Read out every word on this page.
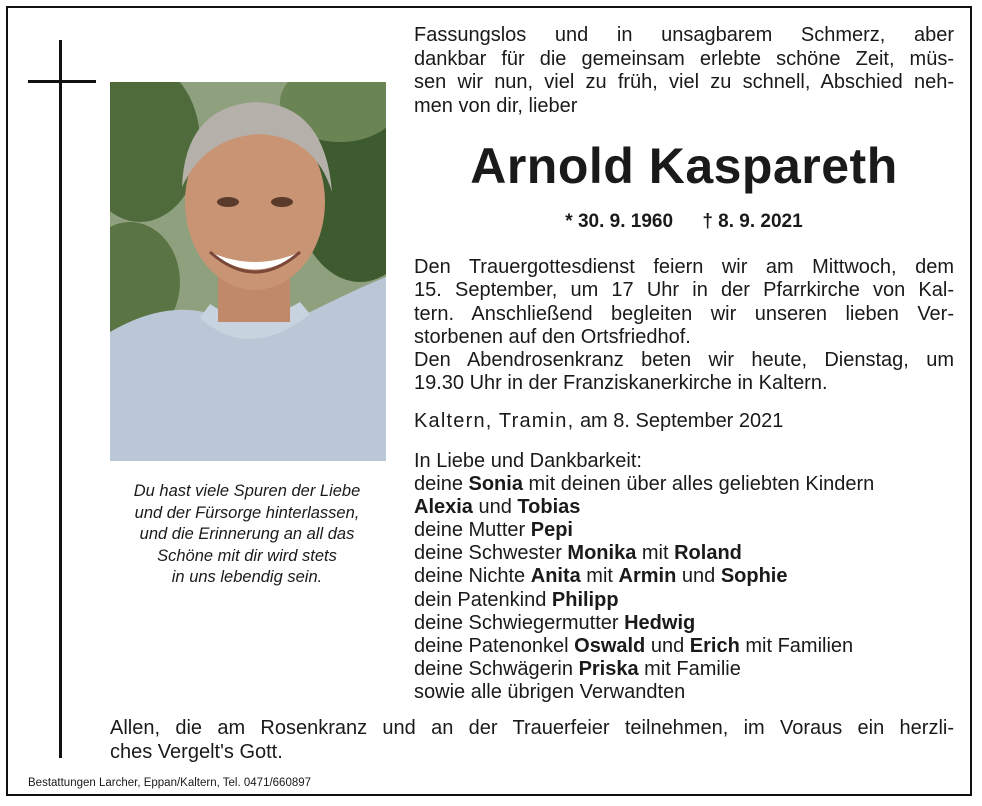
Du hast viele Spuren der Liebe
und der Fürsorge hinterlassen,
und die Erinnerung an all das
Schöne mit dir wird stets
in uns lebendig sein.
Fassungslos und in unsagbarem Schmerz, aber
dankbar für die gemeinsam erlebte schöne Zeit, müs-
sen wir nun, viel zu früh, viel zu schnell, Abschied neh-
men von dir, lieber
Arnold Kaspareth
* 30. 9. 1960 † 8. 9. 2021
Den Trauergottesdienst feiern wir am Mittwoch, dem
15. September, um 17 Uhr in der Pfarrkirche von Kal-
tern. Anschließend begleiten wir unseren lieben Ver-
storbenen auf den Ortsfriedhof.
Den Abendrosenkranz beten wir heute, Dienstag, um
19.30 Uhr in der Franziskanerkirche in Kaltern.
Kaltern, Tramin, am 8. September 2021
In Liebe und Dankbarkeit:
deine Sonia mit deinen über alles geliebten Kindern
Alexia und Tobias
deine Mutter Pepi
deine Schwester Monika mit Roland
deine Nichte Anita mit Armin und Sophie
dein Patenkind Philipp
deine Schwiegermutter Hedwig
deine Patenonkel Oswald und Erich mit Familien
deine Schwägerin Priska mit Familie
sowie alle übrigen Verwandten
Allen, die am Rosenkranz und an der Trauerfeier teilnehmen, im Voraus ein herzli-
ches Vergelt's Gott.
Bestattungen Larcher, Eppan/Kaltern, Tel. 0471/660897
